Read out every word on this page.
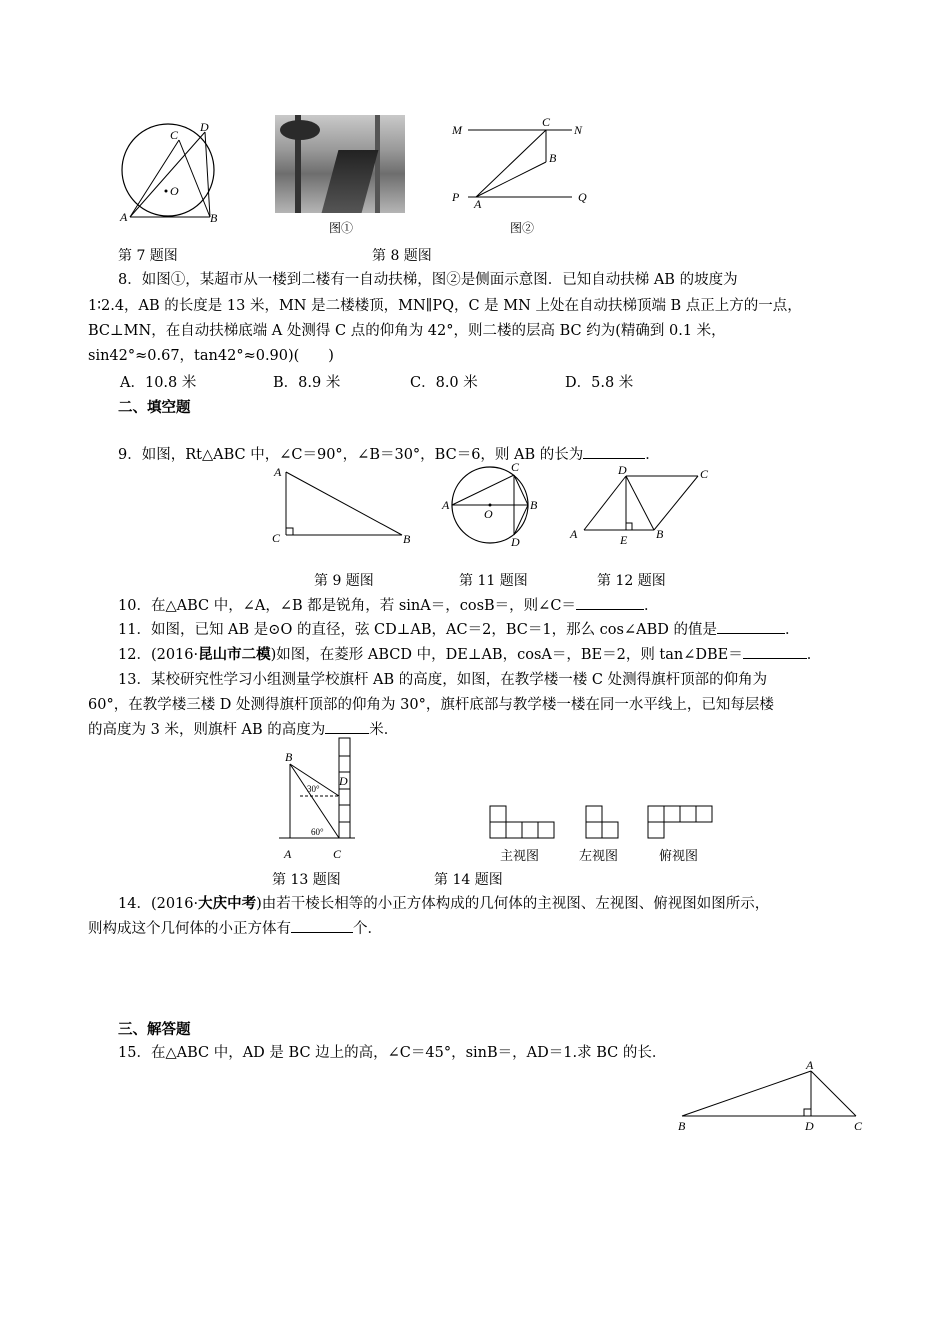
C
D
O
A	B
图①
M
C
N
B
P A	Q
图②
第 7 题图	第 8 题图
8．如图①，某超市从一楼到二楼有一自动扶梯，图②是侧面示意图．已知自动扶梯 AB 的坡度为
1∶2.4，AB 的长度是 13 米，MN 是二楼楼顶，MN∥PQ，C 是 MN 上处在自动扶梯顶端 B 点正上方的一点，
BC⊥MN，在自动扶梯底端 A 处测得 C 点的仰角为 42°，则二楼的层高 BC 约为(精确到 0.1 米，
sin42°≈0.67，tan42°≈0.90)(　　)
A．10.8 米	B．8.9 米	C．8.0 米	D．5.8 米
二、填空题
9．如图，Rt△ABC 中，∠C＝90°，∠B＝30°，BC＝6，则 AB 的长为	．
A
C	B
C
A
O
B
D
D	C
A	E B
第 9 题图	第 11 题图	第 12 题图
10．在△ABC 中，∠A，∠B 都是锐角，若 sinA＝，cosB＝，则∠C＝	．
11．如图，已知 AB 是⊙O 的直径，弦 CD⊥AB，AC＝2，BC＝1，那么 cos∠ABD 的值是	．
12．(2016·昆山市二模)如图，在菱形 ABCD 中，DE⊥AB，cosA＝，BE＝2，则 tan∠DBE＝	．
13．某校研究性学习小组测量学校旗杆 AB 的高度，如图，在教学楼一楼 C 处测得旗杆顶部的仰角为
60°，在教学楼三楼 D 处测得旗杆顶部的仰角为 30°，旗杆底部与教学楼一楼在同一水平线上，已知每层楼
的高度为 3 米，则旗杆 AB 的高度为	米．
B
D
30°
60°
A	C	主视图	左视图	俯视图
第 13 题图	第 14 题图
14．(2016·大庆中考)由若干棱长相等的小正方体构成的几何体的主视图、左视图、俯视图如图所示，
则构成这个几何体的小正方体有	个．
三、解答题
15．在△ABC 中，AD 是 BC 边上的高，∠C＝45°，sinB＝，AD＝1.求 BC 的长．
A
B	D	C
